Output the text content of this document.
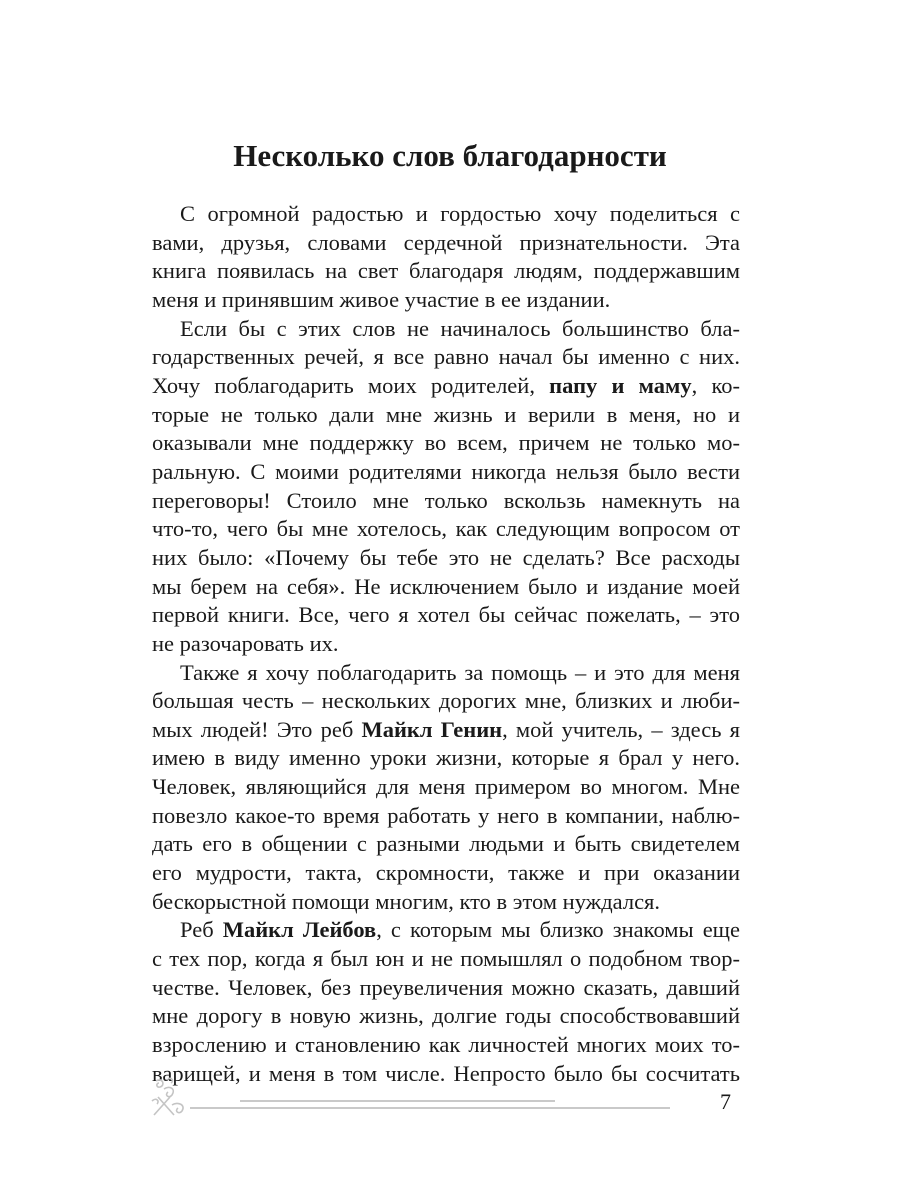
Несколько слов благодарности
С огромной радостью и гордостью хочу поделиться с
вами, друзья, словами сердечной признательности. Эта
книга появилась на свет благодаря людям, поддержавшим
меня и принявшим живое участие в ее издании.
Если бы с этих слов не начиналось большинство бла-
годарственных речей, я все равно начал бы именно с них.
Хочу поблагодарить моих родителей, папу и маму, ко-
торые не только дали мне жизнь и верили в меня, но и
оказывали мне поддержку во всем, причем не только мо-
ральную. С моими родителями никогда нельзя было вести
переговоры! Стоило мне только вскользь намекнуть на
что-то, чего бы мне хотелось, как следующим вопросом от
них было: «Почему бы тебе это не сделать? Все расходы
мы берем на себя». Не исключением было и издание моей
первой книги. Все, чего я хотел бы сейчас пожелать, – это
не разочаровать их.
Также я хочу поблагодарить за помощь – и это для меня
большая честь – нескольких дорогих мне, близких и люби-
мых людей! Это реб Майкл Генин, мой учитель, – здесь я
имею в виду именно уроки жизни, которые я брал у него.
Человек, являющийся для меня примером во многом. Мне
повезло какое-то время работать у него в компании, наблю-
дать его в общении с разными людьми и быть свидетелем
его мудрости, такта, скромности, также и при оказании
бескорыстной помощи многим, кто в этом нуждался.
Реб Майкл Лейбов, с которым мы близко знакомы еще
с тех пор, когда я был юн и не помышлял о подобном твор-
честве. Человек, без преувеличения можно сказать, давший
мне дорогу в новую жизнь, долгие годы способствовавший
взрослению и становлению как личностей многих моих то-
варищей, и меня в том числе. Непросто было бы сосчитать
7
